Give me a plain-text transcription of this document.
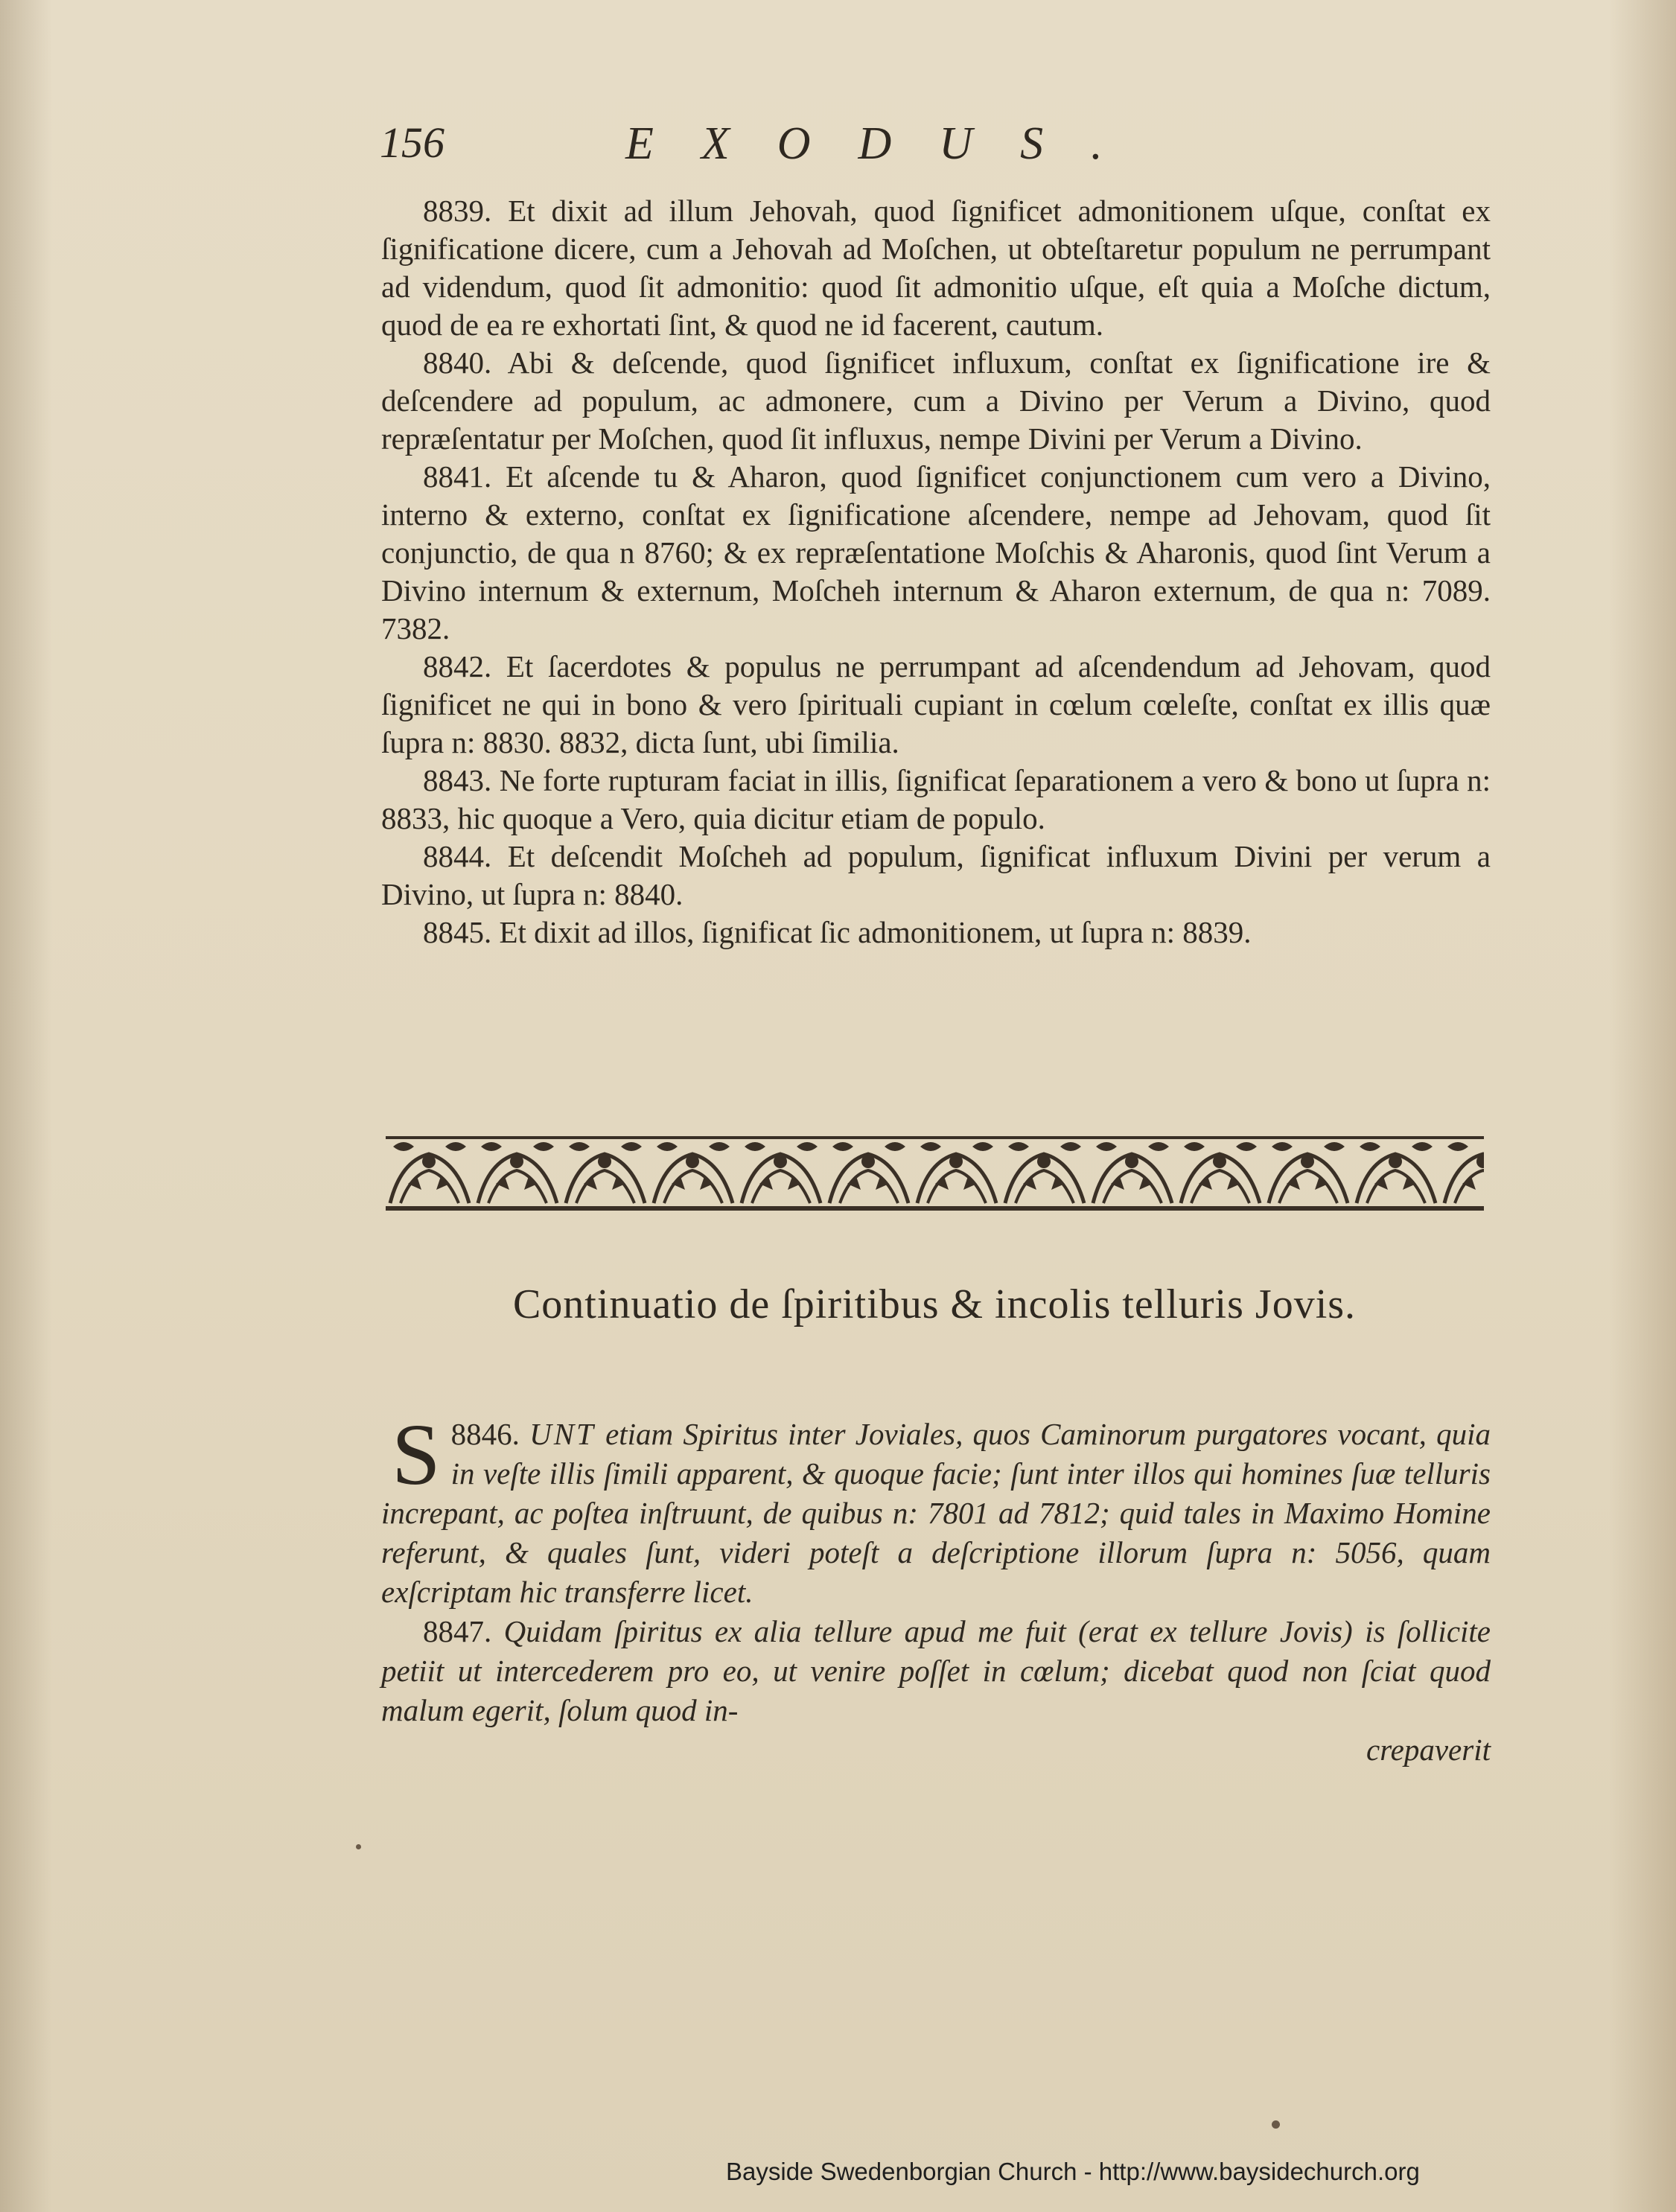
156	EXODUS.

8839. Et dixit ad illum Jehovah, quod ſignificet admonitionem uſque, conſtat ex ſignificatione dicere, cum a Jehovah ad Moſchen, ut obteſtaretur populum ne perrumpant ad videndum, quod ſit admonitio: quod ſit admonitio uſque, eſt quia a Moſche dictum, quod de ea re exhortati ſint, & quod ne id facerent, cautum.

8840. Abi & deſcende, quod ſignificet influxum, conſtat ex ſignificatione ire & deſcendere ad populum, ac admonere, cum a Divino per Verum a Divino, quod repræſentatur per Moſchen, quod ſit influxus, nempe Divini per Verum a Divino.

8841. Et aſcende tu & Aharon, quod ſignificet conjunctionem cum vero a Divino, interno & externo, conſtat ex ſignificatione aſcendere, nempe ad Jehovam, quod ſit conjunctio, de qua n 8760; & ex repræſentatione Moſchis & Aharonis, quod ſint Verum a Divino internum & externum, Moſcheh internum & Aharon externum, de qua n: 7089. 7382.

8842. Et ſacerdotes & populus ne perrumpant ad aſcendendum ad Jehovam, quod ſignificet ne qui in bono & vero ſpirituali cupiant in cœlum cœleſte, conſtat ex illis quæ ſupra n: 8830. 8832, dicta ſunt, ubi ſimilia.

8843. Ne forte rupturam faciat in illis, ſignificat ſeparationem a vero & bono ut ſupra n: 8833, hic quoque a Vero, quia dicitur etiam de populo.

8844. Et deſcendit Moſcheh ad populum, ſignificat influxum Divini per verum a Divino, ut ſupra n: 8840.

8845. Et dixit ad illos, ſignificat ſic admonitionem, ut ſupra n: 8839.

Continuatio de ſpiritibus & incolis telluris Jovis.

8846.
S	UNT etiam Spiritus inter Joviales, quos Caminorum purgatores vocant, quia in veſte illis ſimili apparent, & quoque facie; ſunt inter illos qui homines ſuæ telluris increpant, ac poſtea inſtruunt, de quibus n: 7801 ad 7812; quid tales in Maximo Homine referunt, & quales ſunt, videri poteſt a deſcriptione illorum ſupra n: 5056, quam exſcriptam hic transferre licet.

8847. Quidam ſpiritus ex alia tellure apud me fuit (erat ex tellure Jovis) is ſollicite petiit ut intercederem pro eo, ut venire poſſet in cœlum; dicebat quod non ſciat quod malum egerit, ſolum quod in-

crepaverit
Bayside Swedenborgian Church - http://www.baysidechurch.org
